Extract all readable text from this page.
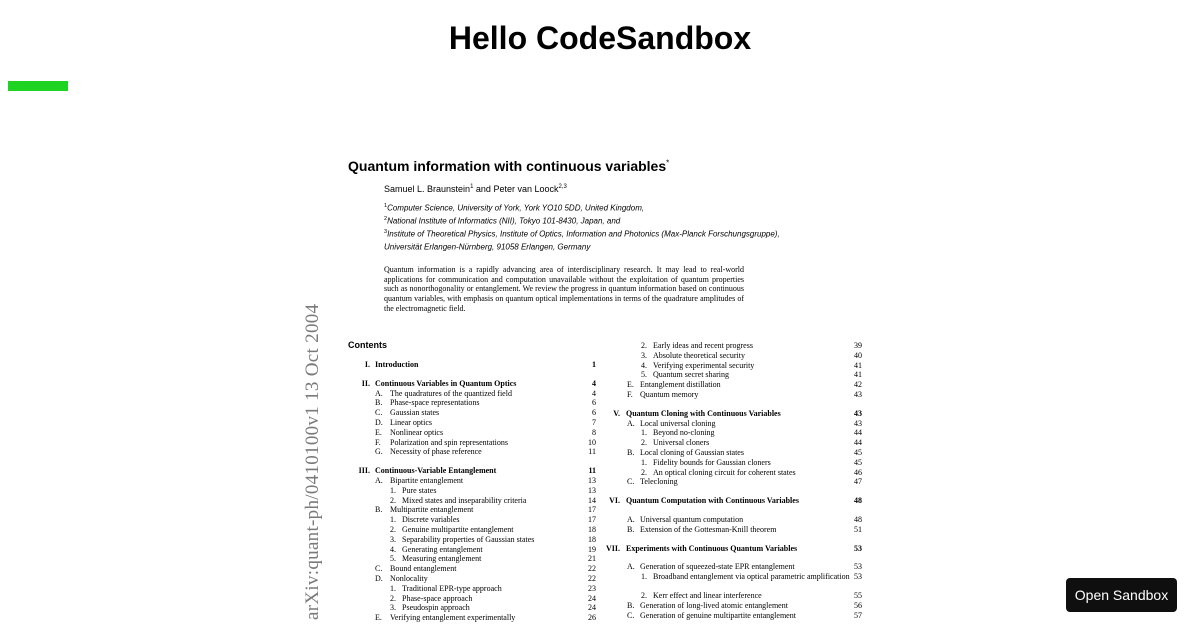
Hello CodeSandbox
arXiv:quant-ph/0410100v1 13 Oct 2004
Quantum information with continuous variables*
Samuel L. Braunstein$^1$ and Peter van Loock$^{2,3}$
$^1$Computer Science, University of York, York YO10 5DD, United Kingdom,
$^2$National Institute of Informatics (NII), Tokyo 101-8430, Japan, and
$^3$Institute of Theoretical Physics, Institute of Optics, Information and Photonics (Max-Planck Forschungsgruppe),
Universität Erlangen-Nürnberg, 91058 Erlangen, Germany
Quantum information is a rapidly advancing area of interdisciplinary research. It may lead to real-world applications for communication and computation unavailable without the exploitation of quantum properties such as nonorthogonality or entanglement. We review the progress in quantum information based on continuous quantum variables, with emphasis on quantum optical implementations in terms of the quadrature amplitudes of the electromagnetic field.
Contents
I. Introduction	1
II. Continuous Variables in Quantum Optics	4
A. The quadratures of the quantized field	4
B. Phase-space representations	6
C. Gaussian states	6
D. Linear optics	7
E. Nonlinear optics	8
F. Polarization and spin representations	10
G. Necessity of phase reference	11
III. Continuous-Variable Entanglement	11
A. Bipartite entanglement	13
1. Pure states	13
2. Mixed states and inseparability criteria	14
B. Multipartite entanglement	17
1. Discrete variables	17
2. Genuine multipartite entanglement	18
3. Separability properties of Gaussian states	18
4. Generating entanglement	19
5. Measuring entanglement	21
C. Bound entanglement	22
D. Nonlocality	22
1. Traditional EPR-type approach	23
2. Phase-space approach	24
3. Pseudospin approach	24
E. Verifying entanglement experimentally	26
2. Early ideas and recent progress	39
3. Absolute theoretical security	40
4. Verifying experimental security	41
5. Quantum secret sharing	41
E. Entanglement distillation	42
F. Quantum memory	43
V. Quantum Cloning with Continuous Variables	43
A. Local universal cloning	43
1. Beyond no-cloning	44
2. Universal cloners	44
B. Local cloning of Gaussian states	45
1. Fidelity bounds for Gaussian cloners	45
2. An optical cloning circuit for coherent states	46
C. Telecloning	47
VI. Quantum Computation with Continuous Variables	48
A. Universal quantum computation	48
B. Extension of the Gottesman-Knill theorem	51
VII. Experiments with Continuous Quantum Variables	53
A. Generation of squeezed-state EPR entanglement	53
1. Broadband entanglement via optical parametric amplification 53
2. Kerr effect and linear interference	55
B. Generation of long-lived atomic entanglement	56
C. Generation of genuine multipartite entanglement	57
Open Sandbox
